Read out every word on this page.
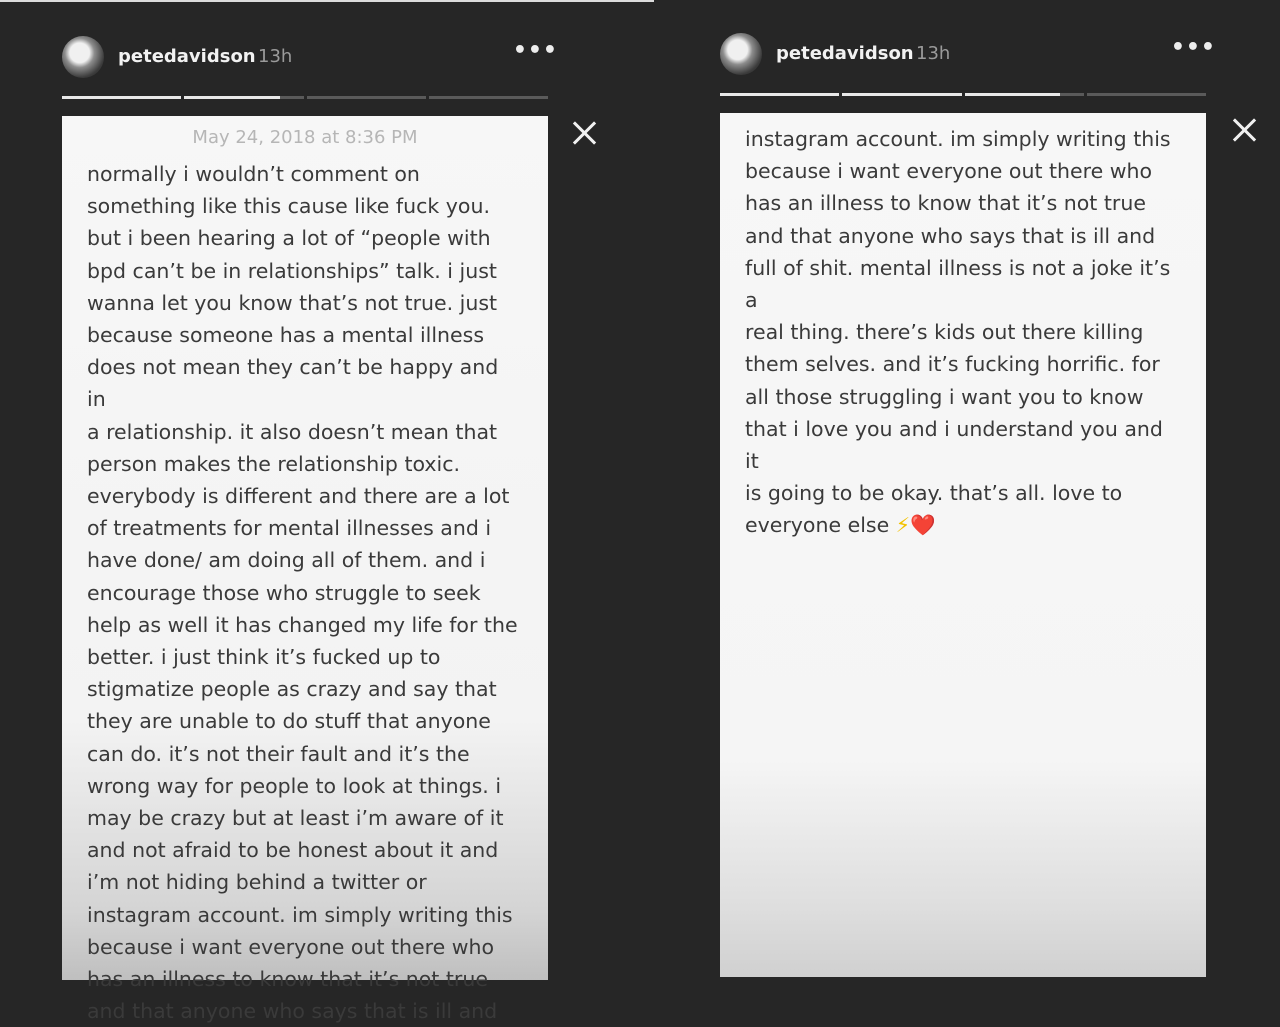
petedavidson 13h	•••
May 24, 2018 at 8:36 PM

normally i wouldn’t comment on
something like this cause like fuck you.
but i been hearing a lot of “people with
bpd can’t be in relationships” talk. i just
wanna let you know that’s not true. just
because someone has a mental illness
does not mean they can’t be happy and in
a relationship. it also doesn’t mean that
person makes the relationship toxic.
everybody is different and there are a lot
of treatments for mental illnesses and i
have done/ am doing all of them. and i
encourage those who struggle to seek
help as well it has changed my life for the
better. i just think it’s fucked up to
stigmatize people as crazy and say that
they are unable to do stuff that anyone
can do. it’s not their fault and it’s the
wrong way for people to look at things. i
may be crazy but at least i’m aware of it
and not afraid to be honest about it and
i’m not hiding behind a twitter or
instagram account. im simply writing this
because i want everyone out there who
has an illness to know that it’s not true
and that anyone who says that is ill and

petedavidson 13h	•••

instagram account. im simply writing this
because i want everyone out there who
has an illness to know that it’s not true
and that anyone who says that is ill and
full of shit. mental illness is not a joke it’s a
real thing. there’s kids out there killing
them selves. and it’s fucking horrific. for
all those struggling i want you to know
that i love you and i understand you and it
is going to be okay. that’s all. love to
everyone else ⚡❤️
